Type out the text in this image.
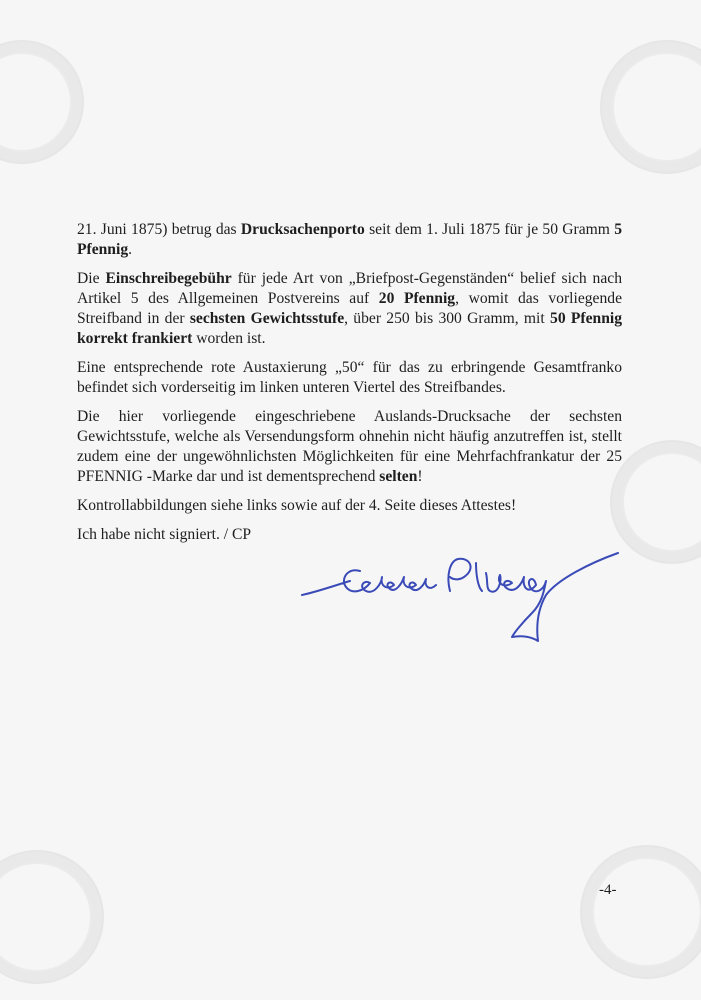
21. Juni 1875) betrug das Drucksachenporto seit dem 1. Juli 1875 für je 50 Gramm 5 Pfennig.

Die Einschreibegebühr für jede Art von „Briefpost-Gegenständen“ belief sich nach Artikel 5 des Allgemeinen Postvereins auf 20 Pfennig, womit das vorliegende Streifband in der sechsten Gewichtsstufe, über 250 bis 300 Gramm, mit 50 Pfennig korrekt frankiert worden ist.

Eine entsprechende rote Austaxierung „50“ für das zu erbringende Gesamtfranko befindet sich vorderseitig im linken unteren Viertel des Streifbandes.

Die hier vorliegende eingeschriebene Auslands-Drucksache der sechsten Gewichtsstufe, welche als Versendungsform ohnehin nicht häufig anzutreffen ist, stellt zudem eine der ungewöhnlichsten Möglichkeiten für eine Mehrfachfrankatur der 25 PFENNIG -Marke dar und ist dementsprechend selten!

Kontrollabbildungen siehe links sowie auf der 4. Seite dieses Attestes!

Ich habe nicht signiert. / CP

-4-
